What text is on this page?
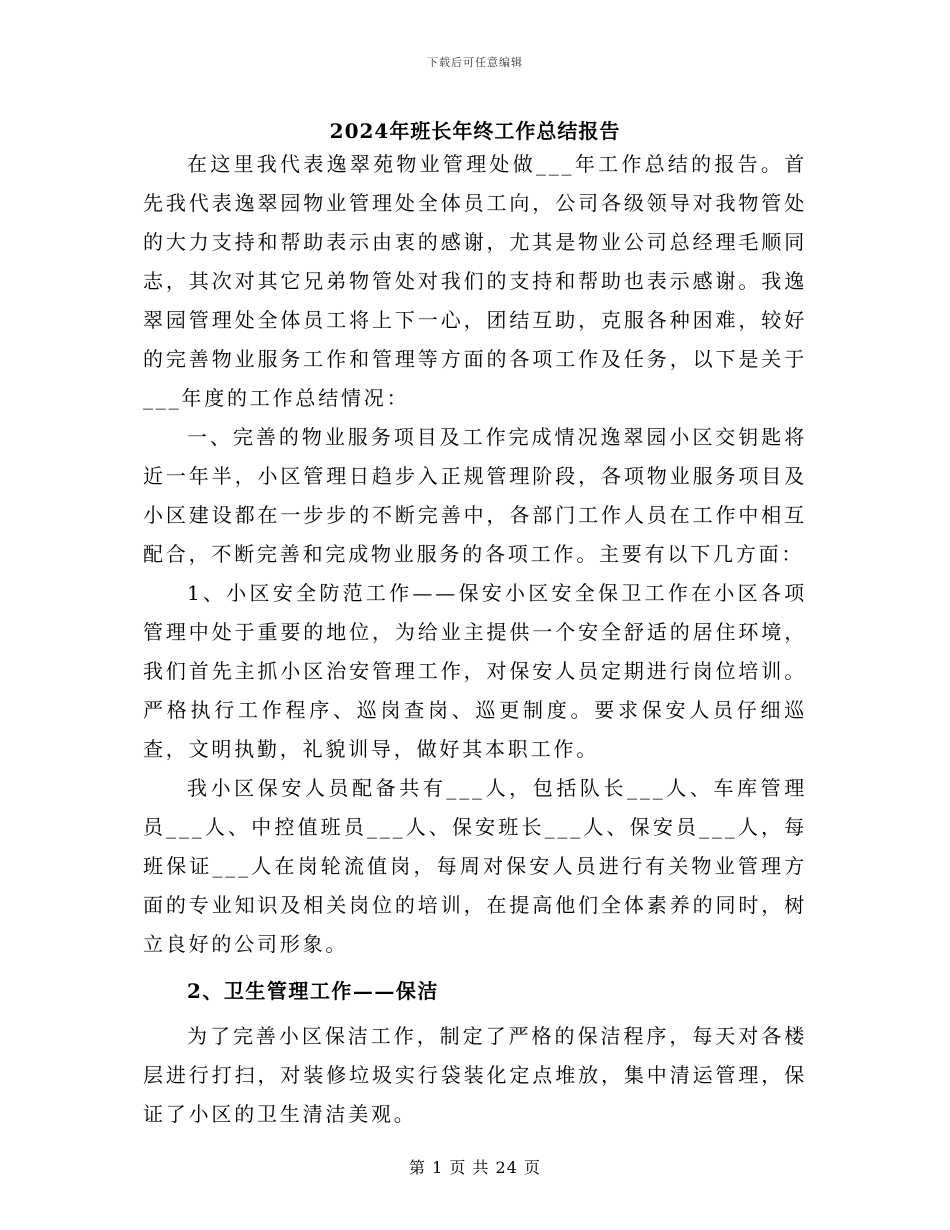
下载后可任意编辑
2024年班长年终工作总结报告

在这里我代表逸翠苑物业管理处做___年工作总结的报告。首先我代表逸翠园物业管理处全体员工向，公司各级领导对我物管处的大力支持和帮助表示由衷的感谢，尤其是物业公司总经理毛顺同志，其次对其它兄弟物管处对我们的支持和帮助也表示感谢。我逸翠园管理处全体员工将上下一心，团结互助，克服各种困难，较好的完善物业服务工作和管理等方面的各项工作及任务，以下是关于___年度的工作总结情况：

一、完善的物业服务项目及工作完成情况逸翠园小区交钥匙将近一年半，小区管理日趋步入正规管理阶段，各项物业服务项目及小区建设都在一步步的不断完善中，各部门工作人员在工作中相互配合，不断完善和完成物业服务的各项工作。主要有以下几方面：

1、小区安全防范工作——保安小区安全保卫工作在小区各项管理中处于重要的地位，为给业主提供一个安全舒适的居住环境，我们首先主抓小区治安管理工作，对保安人员定期进行岗位培训。严格执行工作程序、巡岗查岗、巡更制度。要求保安人员仔细巡查，文明执勤，礼貌训导，做好其本职工作。

我小区保安人员配备共有___人，包括队长___人、车库管理员___人、中控值班员___人、保安班长___人、保安员___人，每班保证___人在岗轮流值岗，每周对保安人员进行有关物业管理方面的专业知识及相关岗位的培训，在提高他们全体素养的同时，树立良好的公司形象。

2、卫生管理工作——保洁

为了完善小区保洁工作，制定了严格的保洁程序，每天对各楼层进行打扫，对装修垃圾实行袋装化定点堆放，集中清运管理，保证了小区的卫生清洁美观。

第 1 页 共 24 页
